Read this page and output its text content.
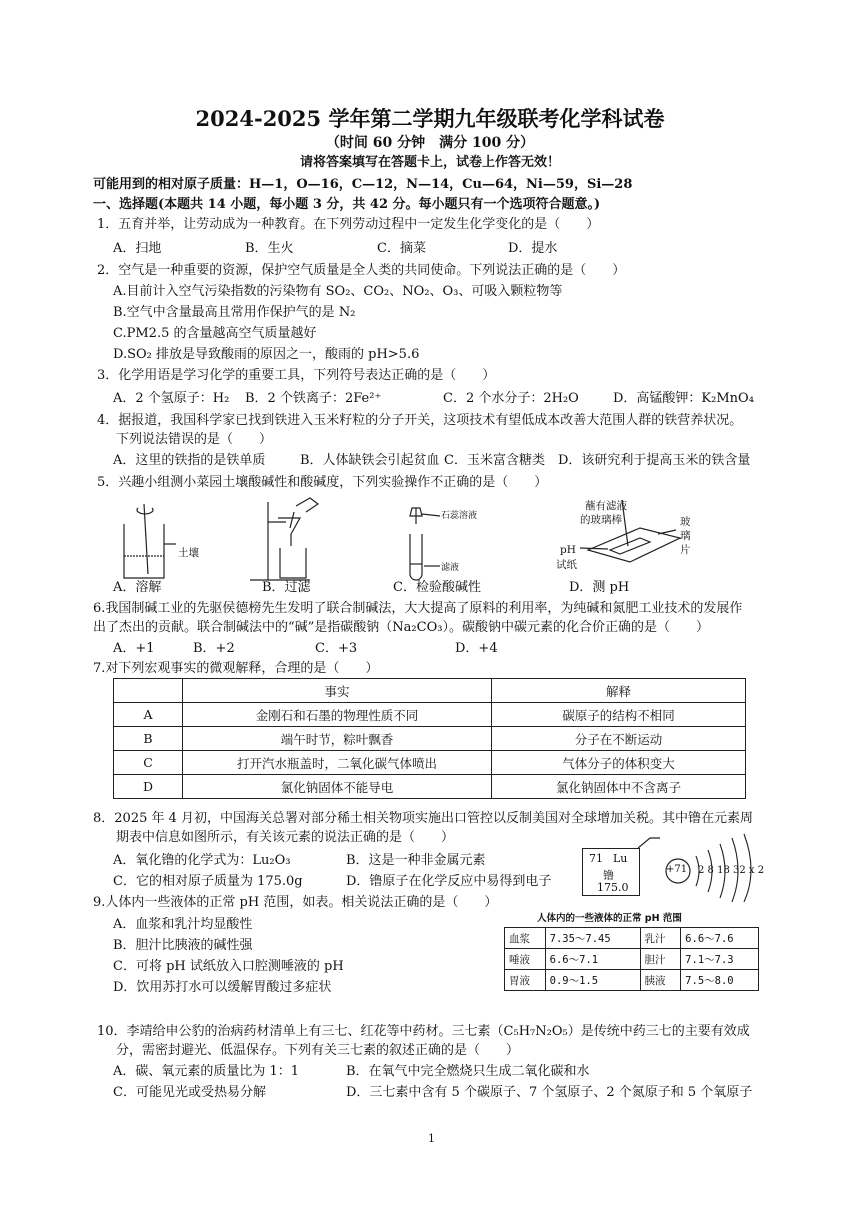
2024-2025 学年第二学期九年级联考化学科试卷
（时间 60 分钟　满分 100 分）
请将答案填写在答题卡上，试卷上作答无效！
可能用到的相对原子质量：H—1，O—16，C—12，N—14，Cu—64，Ni—59，Si—28
一、选择题(本题共 14 小题，每小题 3 分，共 42 分。每小题只有一个选项符合题意。)
1．五育并举，让劳动成为一种教育。在下列劳动过程中一定发生化学变化的是（　　）
A．扫地	B．生火	C．摘菜	D．提水
2．空气是一种重要的资源，保护空气质量是全人类的共同使命。下列说法正确的是（　　）
A.目前计入空气污染指数的污染物有 SO₂、CO₂、NO₂、O₃、可吸入颗粒物等
B.空气中含量最高且常用作保护气的是 N₂
C.PM2.5 的含量越高空气质量越好
D.SO₂ 排放是导致酸雨的原因之一，酸雨的 pH>5.6
3．化学用语是学习化学的重要工具，下列符号表达正确的是（　　）
A．2 个氢原子：H₂ B．2 个铁离子：2Fe²⁺	C．2 个水分子：2H₂O	D．高锰酸钾：K₂MnO₄
4．据报道，我国科学家已找到铁进入玉米籽粒的分子开关，这项技术有望低成本改善大范围人群的铁营养状况。
下列说法错误的是（　　）
A．这里的铁指的是铁单质	B．人体缺铁会引起贫血 C．玉米富含糖类 D．该研究利于提高玉米的铁含量
5．兴趣小组测小菜园土壤酸碱性和酸碱度，下列实验操作不正确的是（　　）
土壤
石蕊溶液
滤液
蘸有滤液
的玻璃棒
pH
试纸
玻
璃
片
A．溶解	B．过滤	C．检验酸碱性	D．测 pH
6.我国制碱工业的先驱侯德榜先生发明了联合制碱法，大大提高了原料的利用率，为纯碱和氮肥工业技术的发展作
出了杰出的贡献。联合制碱法中的“碱”是指碳酸钠（Na₂CO₃）。碳酸钠中碳元素的化合价正确的是（　　）
A．+1	B．+2	C．+3	D．+4
7.对下列宏观事实的微观解释，合理的是（　　）
	事实	解释
A	金刚石和石墨的物理性质不同	碳原子的结构不相同
B	端午时节，粽叶飘香	分子在不断运动
C	打开汽水瓶盖时，二氧化碳气体喷出	气体分子的体积变大
D	氯化钠固体不能导电	氯化钠固体中不含离子
8．2025 年 4 月初，中国海关总署对部分稀土相关物项实施出口管控以反制美国对全球增加关税。其中镥在元素周
期表中信息如图所示，有关该元素的说法正确的是（　　）
A．氧化镥的化学式为：Lu₂O₃	B．这是一种非金属元素
C．它的相对原子质量为 175.0g	D．镥原子在化学反应中易得到电子
71 Lu
镥
175.0
+71 2 8 18 32 x 2
9.人体内一些液体的正常 pH 范围，如表。相关说法正确的是（　　）
A．血浆和乳汁均显酸性
B．胆汁比胰液的碱性强
C．可将 pH 试纸放入口腔测唾液的 pH
D．饮用苏打水可以缓解胃酸过多症状
人体内的一些液体的正常 pH 范围
血浆	7.35～7.45	乳汁	6.6～7.6
唾液	6.6～7.1	胆汁	7.1～7.3
胃液	0.9～1.5	胰液	7.5～8.0
10．李靖给申公豹的治病药材清单上有三七、红花等中药材。三七素（C₅H₇N₂O₅）是传统中药三七的主要有效成
分，需密封避光、低温保存。下列有关三七素的叙述正确的是（　　）
A．碳、氧元素的质量比为 1：1	B．在氧气中完全燃烧只生成二氧化碳和水
C．可能见光或受热易分解	D．三七素中含有 5 个碳原子、7 个氢原子、2 个氮原子和 5 个氧原子
1
